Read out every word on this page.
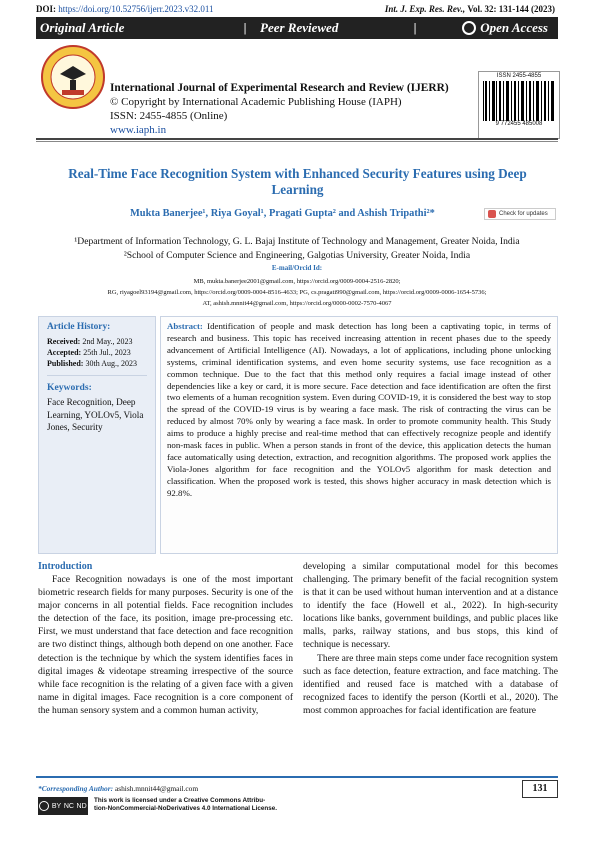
DOI: https://doi.org/10.52756/ijerr.2023.v32.011	Int. J. Exp. Res. Rev., Vol. 32: 131-144 (2023)
Original Article	|	Peer Reviewed	|	Open Access
International Journal of Experimental Research and Review (IJERR)
© Copyright by International Academic Publishing House (IAPH)
ISSN: 2455-4855 (Online)
www.iaph.in
ISSN 2455-4855
9 772455 485008
Real-Time Face Recognition System with Enhanced Security Features using Deep Learning
Mukta Banerjee¹, Riya Goyal¹, Pragati Gupta² and Ashish Tripathi²*	Check for updates
¹Department of Information Technology, G. L. Bajaj Institute of Technology and Management, Greater Noida, India
²School of Computer Science and Engineering, Galgotias University, Greater Noida, India
E-mail/Orcid Id:
MB, mukta.banerjee2001@gmail.com, https://orcid.org/0009-0004-2516-2820;
RG, riyagoel93194@gmail.com, https://orcid.org/0009-0004-8516-4633; PG, cs.pragati990@gmail.com, https://orcid.org/0009-0006-1654-5736;
AT, ashish.mnnit44@gmail.com, https://orcid.org/0000-0002-7570-4067
Article History:
Received: 2nd May., 2023
Accepted: 25th Jul., 2023
Published: 30th Aug., 2023
Keywords:
Face Recognition, Deep Learning, YOLOv5, Viola Jones, Security
Abstract: Identification of people and mask detection has long been a captivating topic, in terms of research and business. This topic has received increasing attention in recent phases due to the speedy advancement of Artificial Intelligence (AI). Nowadays, a lot of applications, including phone unlocking systems, criminal identification systems, and even home security systems, use face recognition as a common technique. Due to the fact that this method only requires a facial image instead of other dependencies like a key or card, it is more secure. Face detection and face identification are often the first two elements of a human recognition system. Even during COVID-19, it is considered the best way to stop the spread of the COVID-19 virus is by wearing a face mask. The risk of contracting the virus can be reduced by almost 70% only by wearing a face mask. In order to promote community health. This Study aims to produce a highly precise and real-time method that can effectively recognize people and identify non-mask faces in public. When a person stands in front of the device, this application detects the human face automatically using detection, extraction, and recognition algorithms. The proposed work applies the Viola-Jones algorithm for face recognition and the YOLOv5 algorithm for mask detection and classification. When the proposed work is tested, this shows higher accuracy in mask detection which is 92.8%.
Introduction

Face Recognition nowadays is one of the most important biometric research fields for many purposes. Security is one of the major concerns in all potential fields. Face recognition includes the detection of the face, its position, image pre-processing etc. First, we must understand that face detection and face recognition are two distinct things, although both depend on one another. Face detection is the technique by which the system identifies faces in digital images & videotape streaming irrespective of the source while face recognition is the relating of a given face with a given name in digital images. Face recognition is a core component of the human sensory system and a common human activity,

developing a similar computational model for this becomes challenging. The primary benefit of the facial recognition system is that it can be used without human intervention and at a distance to identify the face (Howell et al., 2022). In high-security locations like banks, government buildings, and public places like malls, parks, railway stations, and bus stops, this kind of technique is necessary.

There are three main steps come under face recognition system such as face detection, feature extraction, and face matching. The identified and reused face is matched with a database of recognized faces to identify the person (Kortli et al., 2020). The most common approaches for facial identification are feature

*Corresponding Author: ashish.mnnit44@gmail.com	131
BY NC ND
This work is licensed under a Creative Commons Attribu-
tion-NonCommercial-NoDerivatives 4.0 International License.
